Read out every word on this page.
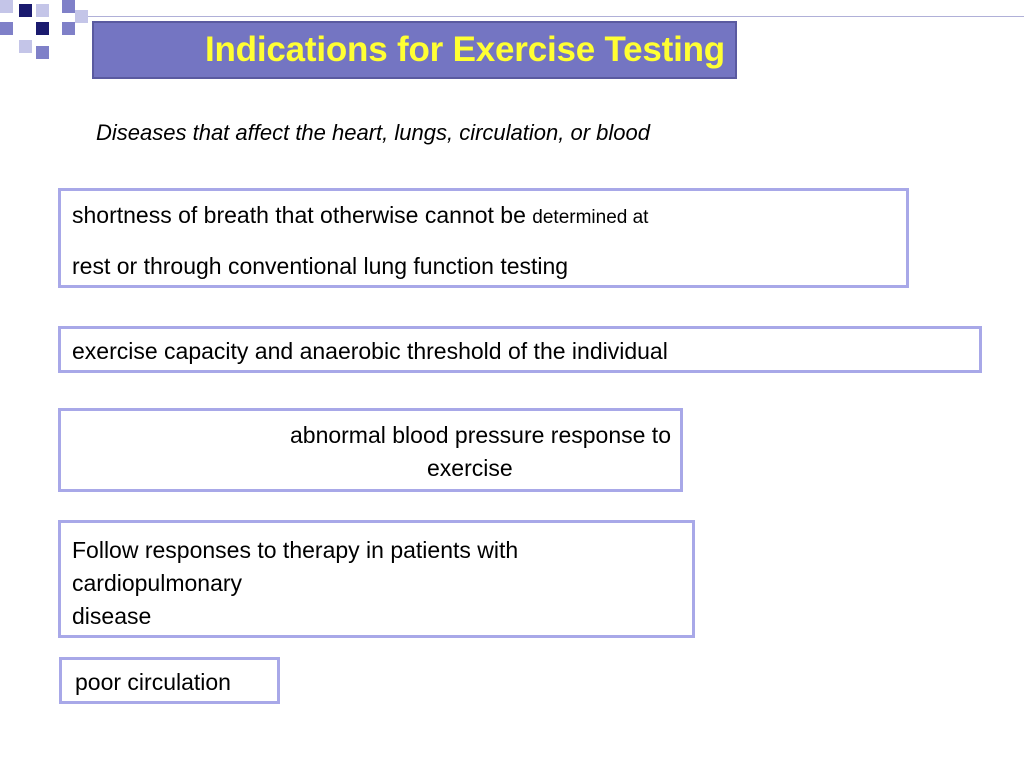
Indications for Exercise Testing
Diseases that affect the heart, lungs, circulation, or blood
shortness of breath that otherwise cannot be determined at
rest or through conventional lung function testing
exercise capacity and anaerobic threshold of the individual
abnormal blood pressure response to
exercise
Follow responses to therapy in patients with
cardiopulmonary
disease
poor circulation
